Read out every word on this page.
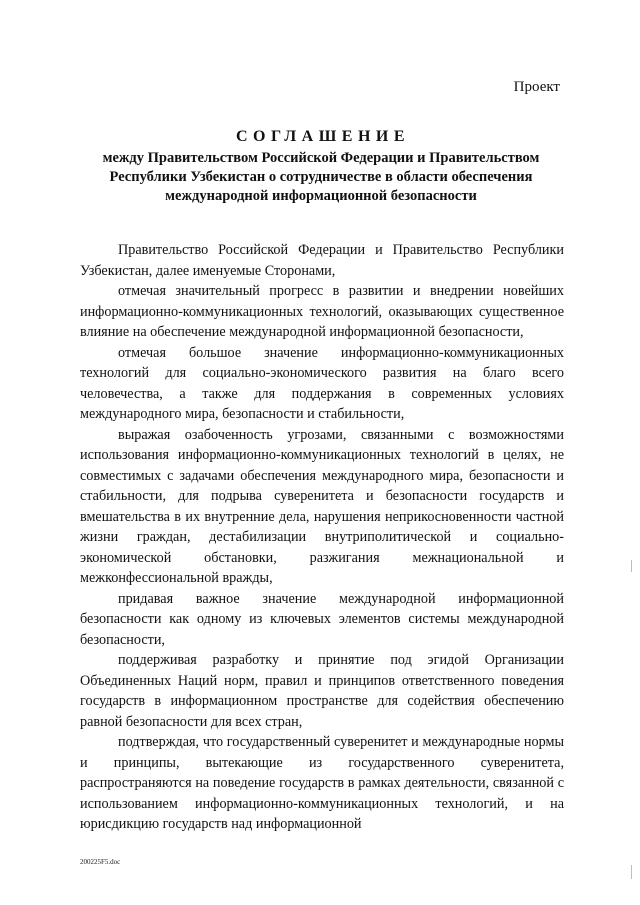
Проект
СОГЛАШЕНИЕ
между Правительством Российской Федерации и Правительством Республики Узбекистан о сотрудничестве в области обеспечения международной информационной безопасности

Правительство Российской Федерации и Правительство Республики Узбекистан, далее именуемые Сторонами,

отмечая значительный прогресс в развитии и внедрении новейших информационно-коммуникационных технологий, оказывающих существенное влияние на обеспечение международной информационной безопасности,

отмечая большое значение информационно-коммуникационных технологий для социально-экономического развития на благо всего человечества, а также для поддержания в современных условиях международного мира, безопасности и стабильности,

выражая озабоченность угрозами, связанными с возможностями использования информационно-коммуникационных технологий в целях, не совместимых с задачами обеспечения международного мира, безопасности и стабильности, для подрыва суверенитета и безопасности государств и вмешательства в их внутренние дела, нарушения неприкосновенности частной жизни граждан, дестабилизации внутриполитической и социально-экономической обстановки, разжигания межнациональной и межконфессиональной вражды,

придавая важное значение международной информационной безопасности как одному из ключевых элементов системы международной безопасности,

поддерживая разработку и принятие под эгидой Организации Объединенных Наций норм, правил и принципов ответственного поведения государств в информационном пространстве для содействия обеспечению равной безопасности для всех стран,

подтверждая, что государственный суверенитет и международные нормы и принципы, вытекающие из государственного суверенитета, распространяются на поведение государств в рамках деятельности, связанной с использованием информационно-коммуникационных технологий, и на юрисдикцию государств над информационной

200225F5.doc
